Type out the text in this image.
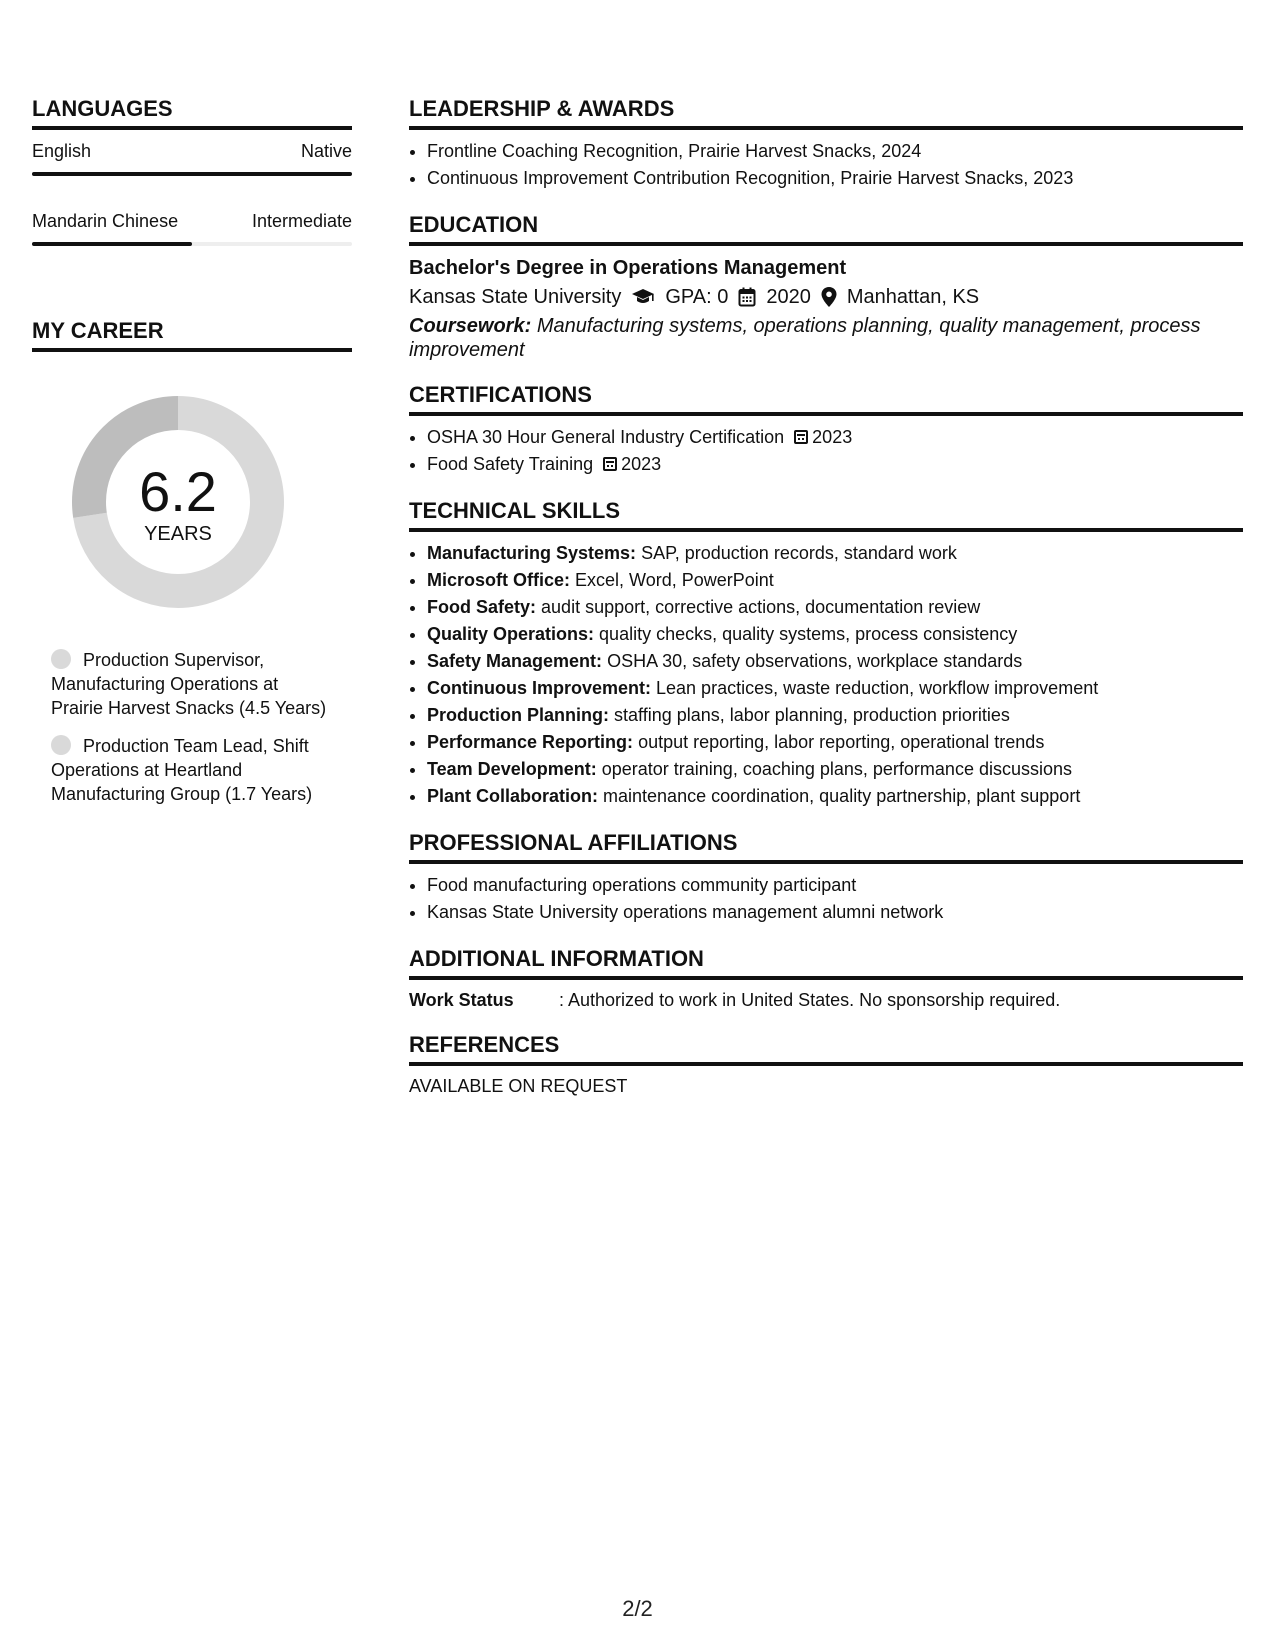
LANGUAGES
English	Native
Mandarin Chinese	Intermediate
MY CAREER
6.2
YEARS
Production Supervisor, Manufacturing Operations at Prairie Harvest Snacks (4.5 Years)
Production Team Lead, Shift Operations at Heartland Manufacturing Group (1.7 Years)
LEADERSHIP & AWARDS
• Frontline Coaching Recognition, Prairie Harvest Snacks, 2024
• Continuous Improvement Contribution Recognition, Prairie Harvest Snacks, 2023
EDUCATION
Bachelor's Degree in Operations Management
Kansas State University GPA: 0 2020 Manhattan, KS
Coursework: Manufacturing systems, operations planning, quality management, process improvement
CERTIFICATIONS
• OSHA 30 Hour General Industry Certification 2023
• Food Safety Training 2023
TECHNICAL SKILLS
• Manufacturing Systems: SAP, production records, standard work
• Microsoft Office: Excel, Word, PowerPoint
• Food Safety: audit support, corrective actions, documentation review
• Quality Operations: quality checks, quality systems, process consistency
• Safety Management: OSHA 30, safety observations, workplace standards
• Continuous Improvement: Lean practices, waste reduction, workflow improvement
• Production Planning: staffing plans, labor planning, production priorities
• Performance Reporting: output reporting, labor reporting, operational trends
• Team Development: operator training, coaching plans, performance discussions
• Plant Collaboration: maintenance coordination, quality partnership, plant support
PROFESSIONAL AFFILIATIONS
• Food manufacturing operations community participant
• Kansas State University operations management alumni network
ADDITIONAL INFORMATION
Work Status	: Authorized to work in United States. No sponsorship required.
REFERENCES
AVAILABLE ON REQUEST
2/2
